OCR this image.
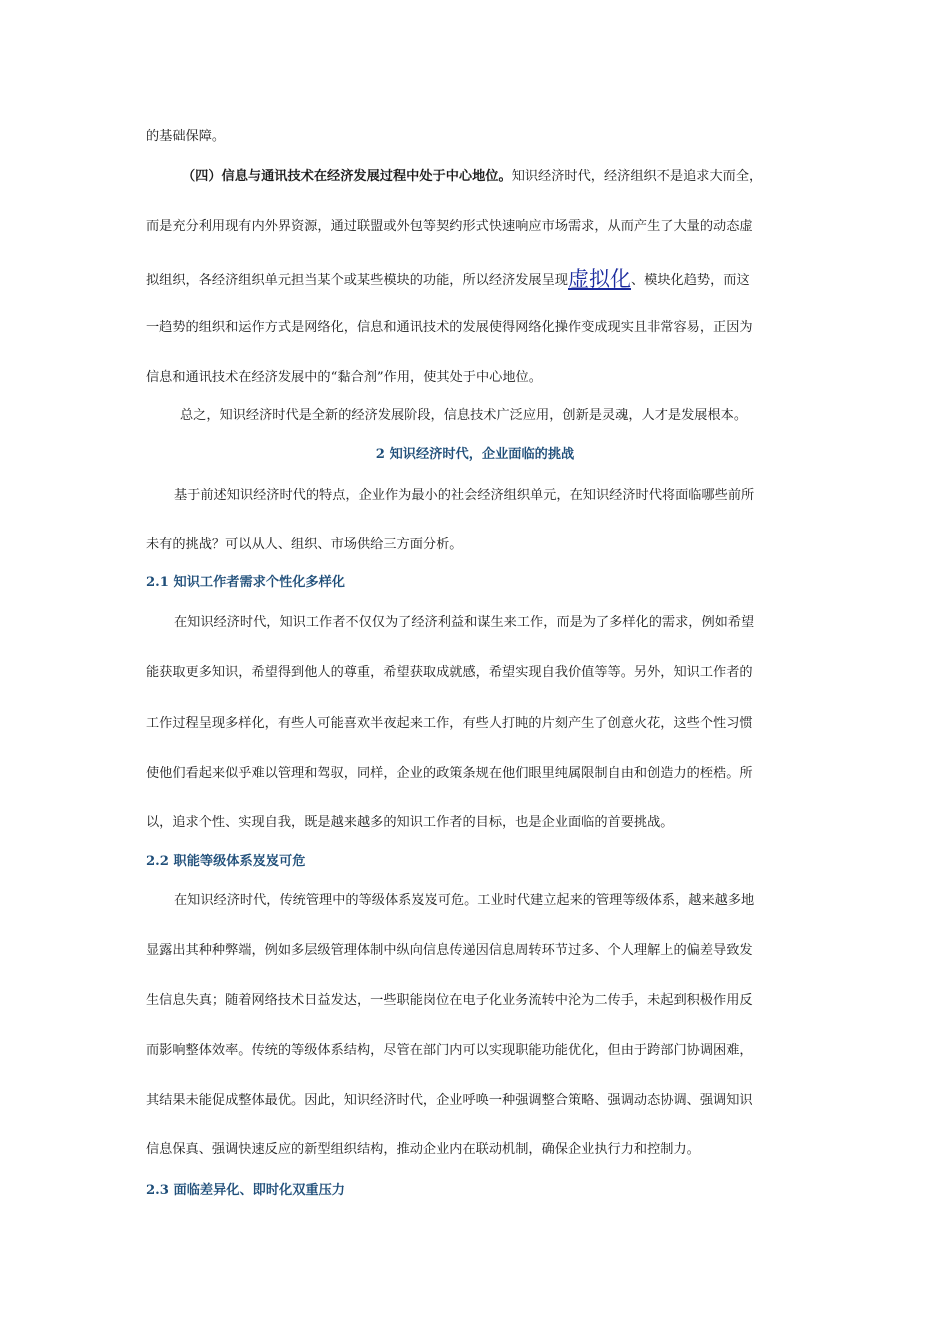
的基础保障。
（四）信息与通讯技术在经济发展过程中处于中心地位。知识经济时代，经济组织不是追求大而全，
而是充分利用现有内外界资源，通过联盟或外包等契约形式快速响应市场需求，从而产生了大量的动态虚
拟组织，各经济组织单元担当某个或某些模块的功能，所以经济发展呈现虚拟化、模块化趋势，而这
一趋势的组织和运作方式是网络化，信息和通讯技术的发展使得网络化操作变成现实且非常容易，正因为
信息和通讯技术在经济发展中的“黏合剂”作用，使其处于中心地位。
总之，知识经济时代是全新的经济发展阶段，信息技术广泛应用，创新是灵魂，人才是发展根本。
2 知识经济时代，企业面临的挑战
基于前述知识经济时代的特点，企业作为最小的社会经济组织单元，在知识经济时代将面临哪些前所
未有的挑战？可以从人、组织、市场供给三方面分析。
2.1 知识工作者需求个性化多样化
在知识经济时代，知识工作者不仅仅为了经济利益和谋生来工作，而是为了多样化的需求，例如希望
能获取更多知识，希望得到他人的尊重，希望获取成就感，希望实现自我价值等等。另外，知识工作者的
工作过程呈现多样化，有些人可能喜欢半夜起来工作，有些人打盹的片刻产生了创意火花，这些个性习惯
使他们看起来似乎难以管理和驾驭，同样，企业的政策条规在他们眼里纯属限制自由和创造力的桎梏。所
以，追求个性、实现自我，既是越来越多的知识工作者的目标，也是企业面临的首要挑战。
2.2 职能等级体系岌岌可危
在知识经济时代，传统管理中的等级体系岌岌可危。工业时代建立起来的管理等级体系，越来越多地
显露出其种种弊端，例如多层级管理体制中纵向信息传递因信息周转环节过多、个人理解上的偏差导致发
生信息失真；随着网络技术日益发达，一些职能岗位在电子化业务流转中沦为二传手，未起到积极作用反
而影响整体效率。传统的等级体系结构，尽管在部门内可以实现职能功能优化，但由于跨部门协调困难，
其结果未能促成整体最优。因此，知识经济时代，企业呼唤一种强调整合策略、强调动态协调、强调知识
信息保真、强调快速反应的新型组织结构，推动企业内在联动机制，确保企业执行力和控制力。
2.3 面临差异化、即时化双重压力
